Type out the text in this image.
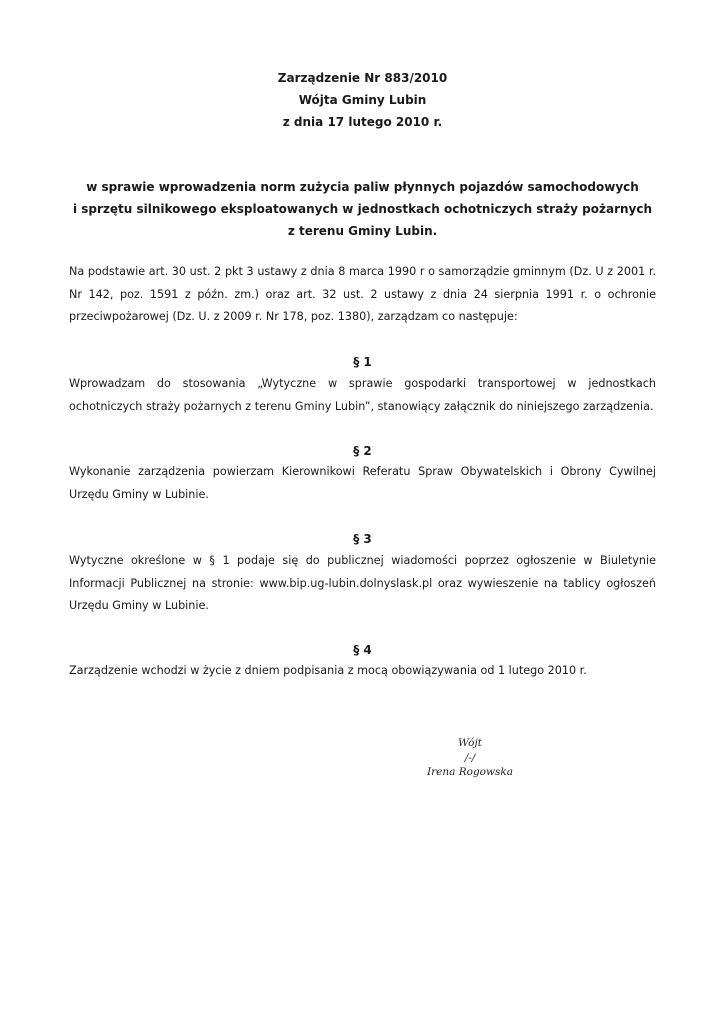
Zarządzenie Nr 883/2010
Wójta Gminy Lubin
z dnia 17 lutego 2010 r.
w sprawie wprowadzenia norm zużycia paliw płynnych pojazdów samochodowych
i sprzętu silnikowego eksploatowanych w jednostkach ochotniczych straży pożarnych
z terenu Gminy Lubin.
Na podstawie art. 30 ust. 2 pkt 3 ustawy z dnia 8 marca 1990 r o samorządzie gminnym (Dz. U z 2001 r. Nr 142, poz. 1591 z późn. zm.) oraz art. 32 ust. 2 ustawy z dnia 24 sierpnia 1991 r. o ochronie przeciwpożarowej (Dz. U. z 2009 r. Nr 178, poz. 1380), zarządzam co następuje:
§ 1
Wprowadzam do stosowania „Wytyczne w sprawie gospodarki transportowej w jednostkach ochotniczych straży pożarnych z terenu Gminy Lubin”, stanowiący załącznik do niniejszego zarządzenia.
§ 2
Wykonanie zarządzenia powierzam Kierownikowi Referatu Spraw Obywatelskich i Obrony Cywilnej Urzędu Gminy w Lubinie.
§ 3
Wytyczne określone w § 1 podaje się do publicznej wiadomości poprzez ogłoszenie w Biuletynie Informacji Publicznej na stronie: www.bip.ug-lubin.dolnyslask.pl oraz wywieszenie na tablicy ogłoszeń Urzędu Gminy w Lubinie.
§ 4
Zarządzenie wchodzi w życie z dniem podpisania z mocą obowiązywania od 1 lutego 2010 r.
Wójt
/-/
Irena Rogowska
